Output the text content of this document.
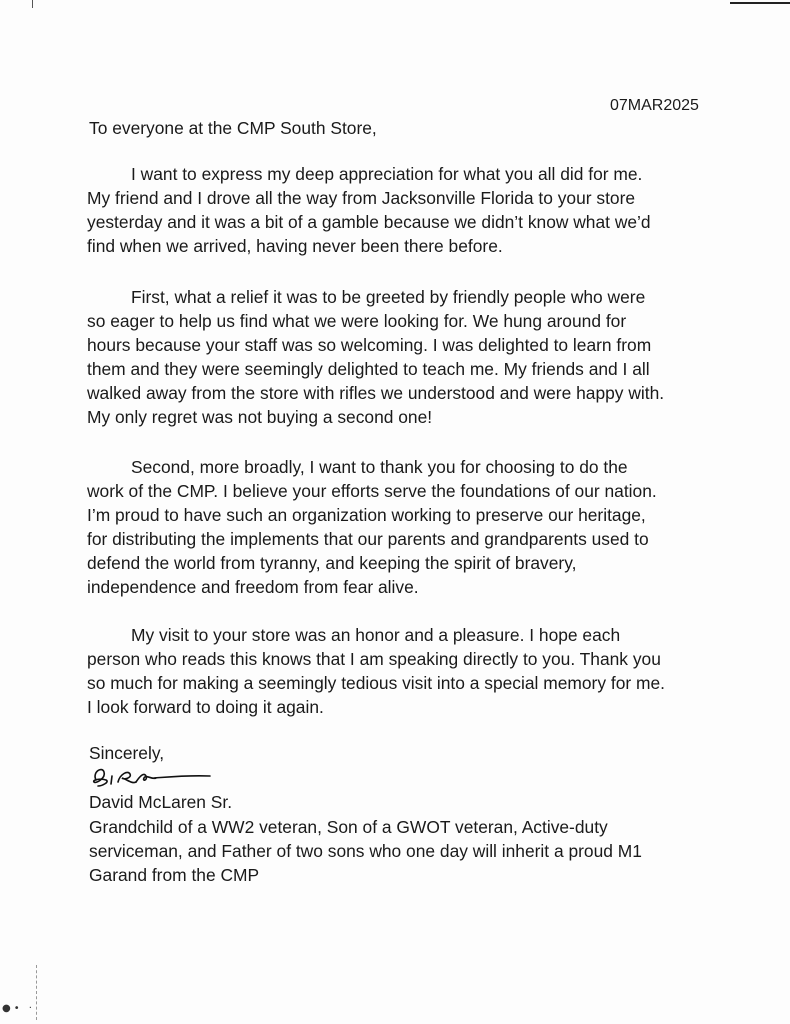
07MAR2025
To everyone at the CMP South Store,
I want to express my deep appreciation for what you all did for me.
My friend and I drove all the way from Jacksonville Florida to your store
yesterday and it was a bit of a gamble because we didn’t know what we’d
find when we arrived, having never been there before.
First, what a relief it was to be greeted by friendly people who were
so eager to help us find what we were looking for. We hung around for
hours because your staff was so welcoming. I was delighted to learn from
them and they were seemingly delighted to teach me. My friends and I all
walked away from the store with rifles we understood and were happy with.
My only regret was not buying a second one!
Second, more broadly, I want to thank you for choosing to do the
work of the CMP. I believe your efforts serve the foundations of our nation.
I’m proud to have such an organization working to preserve our heritage,
for distributing the implements that our parents and grandparents used to
defend the world from tyranny, and keeping the spirit of bravery,
independence and freedom from fear alive.
My visit to your store was an honor and a pleasure. I hope each
person who reads this knows that I am speaking directly to you. Thank you
so much for making a seemingly tedious visit into a special memory for me.
I look forward to doing it again.
Sincerely,
David McLaren Sr.
Grandchild of a WW2 veteran, Son of a GWOT veteran, Active-duty
serviceman, and Father of two sons who one day will inherit a proud M1
Garand from the CMP
●• ·
